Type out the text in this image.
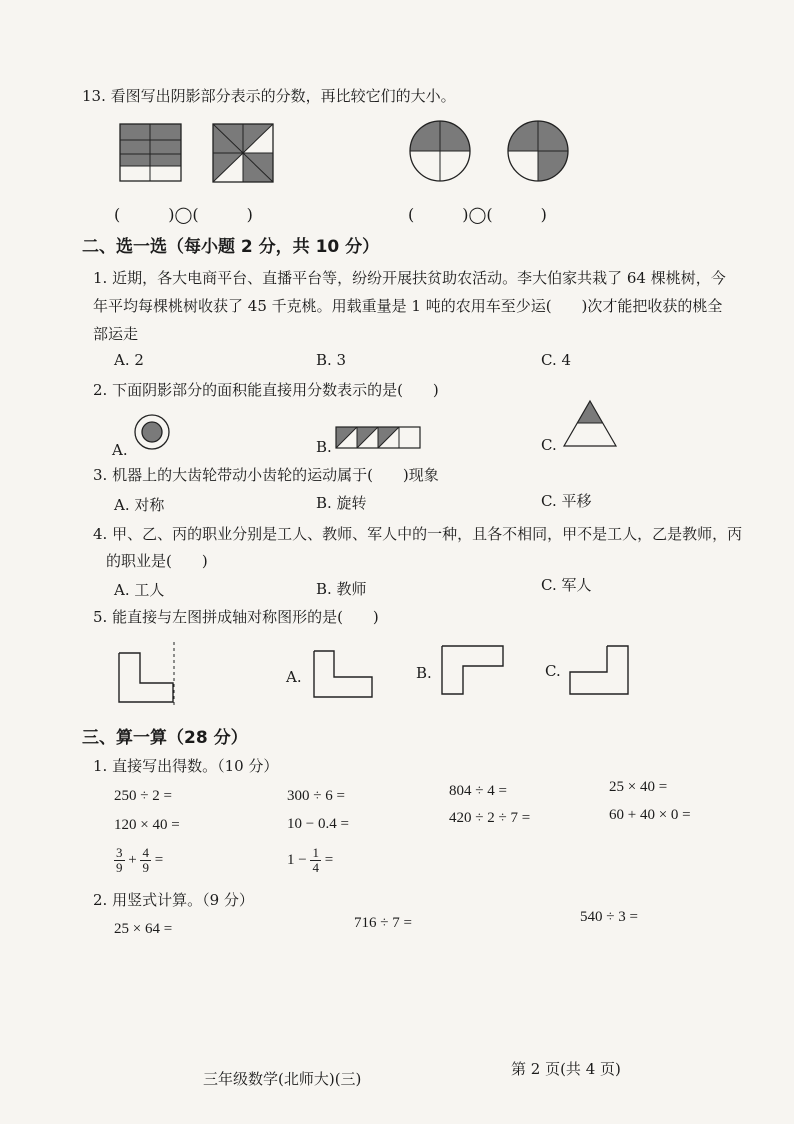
13. 看图写出阴影部分表示的分数，再比较它们的大小。
(　　　)◯(　　　)	(　　　)◯(　　　)
二、选一选（每小题 2 分，共 10 分）
1. 近期，各大电商平台、直播平台等，纷纷开展扶贫助农活动。李大伯家共栽了 64 棵桃树，今年平均每棵桃树收获了 45 千克桃。用载重量是 1 吨的农用车至少运(　　)次才能把收获的桃全部运走
A. 2	B. 3	C. 4
2. 下面阴影部分的面积能直接用分数表示的是(　　)
A.	B.	C.
3. 机器上的大齿轮带动小齿轮的运动属于(　　)现象
A. 对称	B. 旋转	C. 平移
4. 甲、乙、丙的职业分别是工人、教师、军人中的一种，且各不相同，甲不是工人，乙是教师，丙
的职业是(　　)
A. 工人	B. 教师	C. 军人
5. 能直接与左图拼成轴对称图形的是(　　)
A.	B.	C.
三、算一算（28 分）
1. 直接写出得数。（10 分）
250 ÷ 2 =	300 ÷ 6 =	804 ÷ 4 =	25 × 40 =
120 × 40 =	10 − 0.4 =	420 ÷ 2 ÷ 7 =	60 + 40 × 0 =
$\frac{3}{9} + \frac{4}{9}$ =	$1 - \frac{1}{4}$ =
2. 用竖式计算。（9 分）
25 × 64 =	716 ÷ 7 =	540 ÷ 3 =
三年级数学(北师大)(三)
第 2 页(共 4 页)
